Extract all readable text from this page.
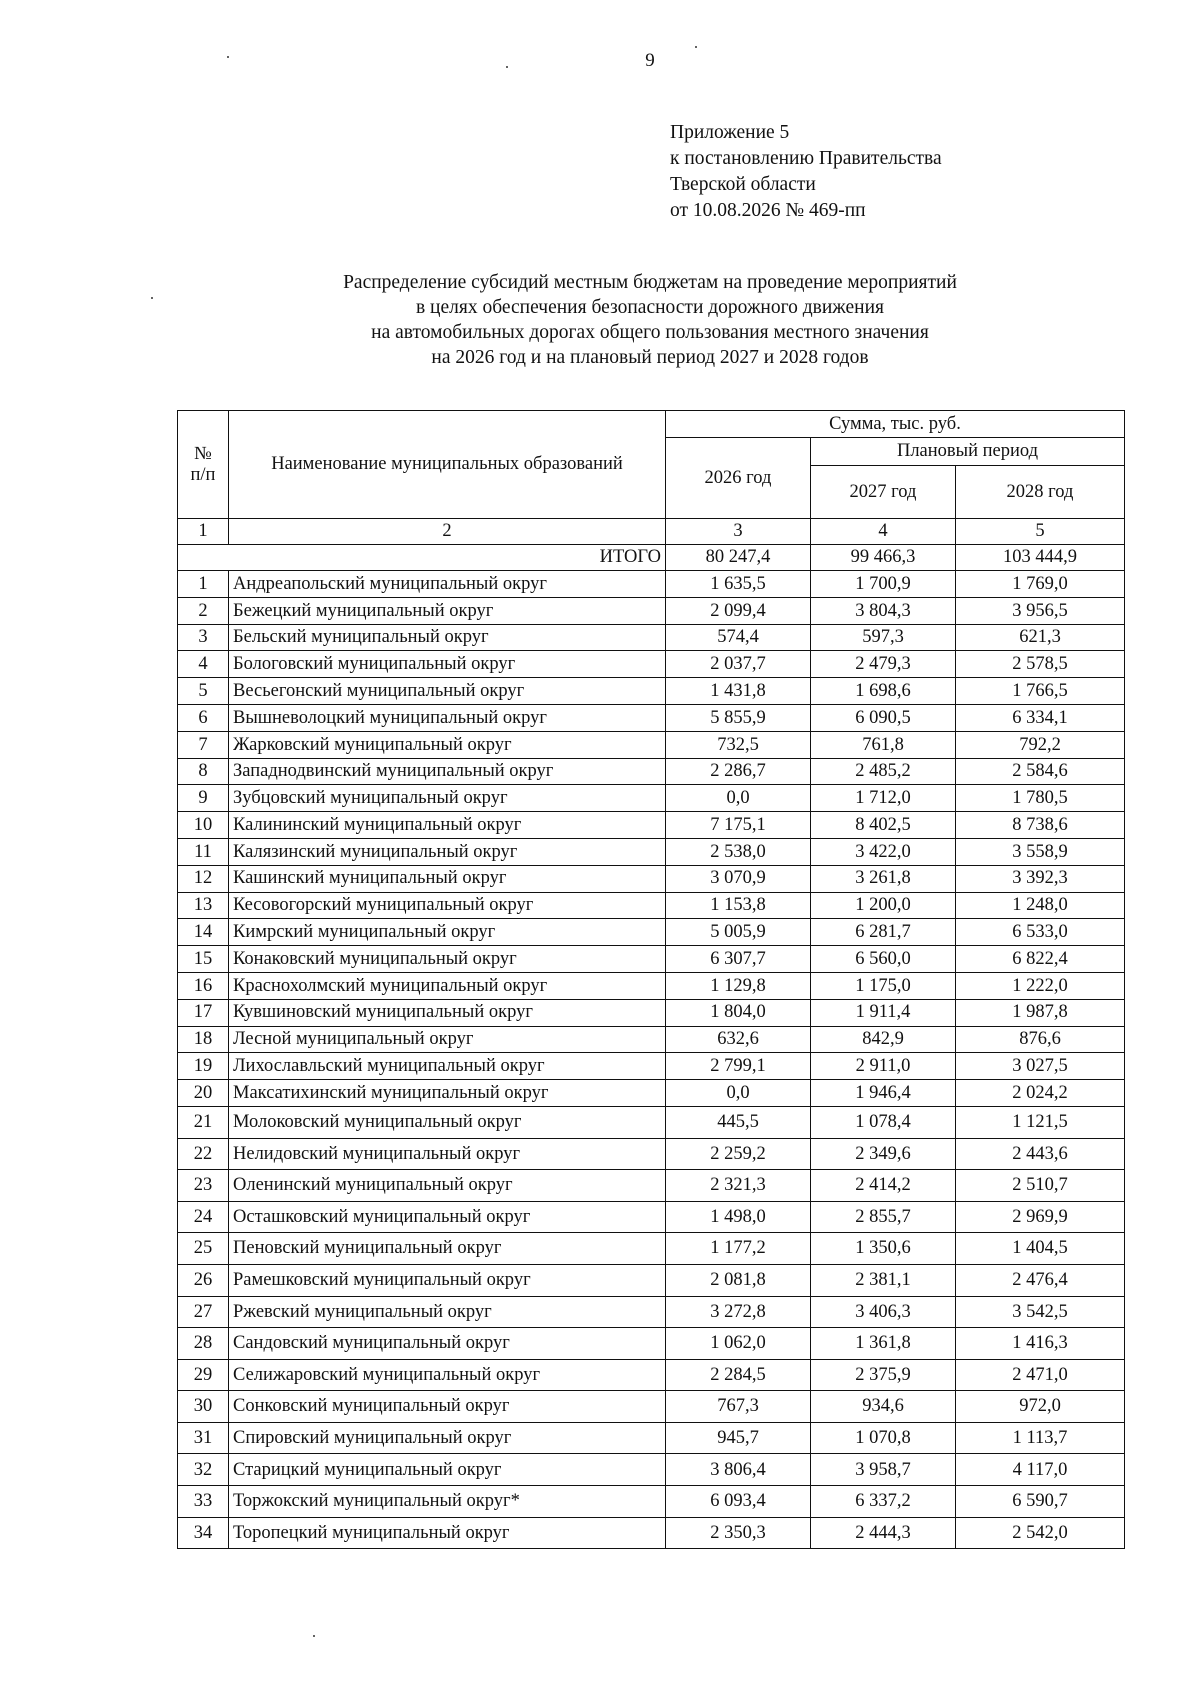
9
Приложение 5
к постановлению Правительства
Тверской области
от 10.08.2026 № 469-пп
Распределение субсидий местным бюджетам на проведение мероприятий
в целях обеспечения безопасности дорожного движения
на автомобильных дорогах общего пользования местного значения
на 2026 год и на плановый период 2027 и 2028 годов
№ п/п	Наименование муниципальных образований	Сумма, тыс. руб.		
		2026 год	Плановый период	
			2027 год	2028 год
1	2	3	4	5
ИТОГО		80 247,4	99 466,3	103 444,9
1	Андреапольский муниципальный округ	1 635,5	1 700,9	1 769,0
2	Бежецкий муниципальный округ	2 099,4	3 804,3	3 956,5
3	Бельский муниципальный округ	574,4	597,3	621,3
4	Бологовский муниципальный округ	2 037,7	2 479,3	2 578,5
5	Весьегонский муниципальный округ	1 431,8	1 698,6	1 766,5
6	Вышневолоцкий муниципальный округ	5 855,9	6 090,5	6 334,1
7	Жарковский муниципальный округ	732,5	761,8	792,2
8	Западнодвинский муниципальный округ	2 286,7	2 485,2	2 584,6
9	Зубцовский муниципальный округ	0,0	1 712,0	1 780,5
10	Калининский муниципальный округ	7 175,1	8 402,5	8 738,6
11	Калязинский муниципальный округ	2 538,0	3 422,0	3 558,9
12	Кашинский муниципальный округ	3 070,9	3 261,8	3 392,3
13	Кесовогорский муниципальный округ	1 153,8	1 200,0	1 248,0
14	Кимрский муниципальный округ	5 005,9	6 281,7	6 533,0
15	Конаковский муниципальный округ	6 307,7	6 560,0	6 822,4
16	Краснохолмский муниципальный округ	1 129,8	1 175,0	1 222,0
17	Кувшиновский муниципальный округ	1 804,0	1 911,4	1 987,8
18	Лесной муниципальный округ	632,6	842,9	876,6
19	Лихославльский муниципальный округ	2 799,1	2 911,0	3 027,5
20	Максатихинский муниципальный округ	0,0	1 946,4	2 024,2
21	Молоковский муниципальный округ	445,5	1 078,4	1 121,5
22	Нелидовский муниципальный округ	2 259,2	2 349,6	2 443,6
23	Оленинский муниципальный округ	2 321,3	2 414,2	2 510,7
24	Осташковский муниципальный округ	1 498,0	2 855,7	2 969,9
25	Пеновский муниципальный округ	1 177,2	1 350,6	1 404,5
26	Рамешковский муниципальный округ	2 081,8	2 381,1	2 476,4
27	Ржевский муниципальный округ	3 272,8	3 406,3	3 542,5
28	Сандовский муниципальный округ	1 062,0	1 361,8	1 416,3
29	Селижаровский муниципальный округ	2 284,5	2 375,9	2 471,0
30	Сонковский муниципальный округ	767,3	934,6	972,0
31	Спировский муниципальный округ	945,7	1 070,8	1 113,7
32	Старицкий муниципальный округ	3 806,4	3 958,7	4 117,0
33	Торжокский муниципальный округ*	6 093,4	6 337,2	6 590,7
34	Торопецкий муниципальный округ	2 350,3	2 444,3	2 542,0
